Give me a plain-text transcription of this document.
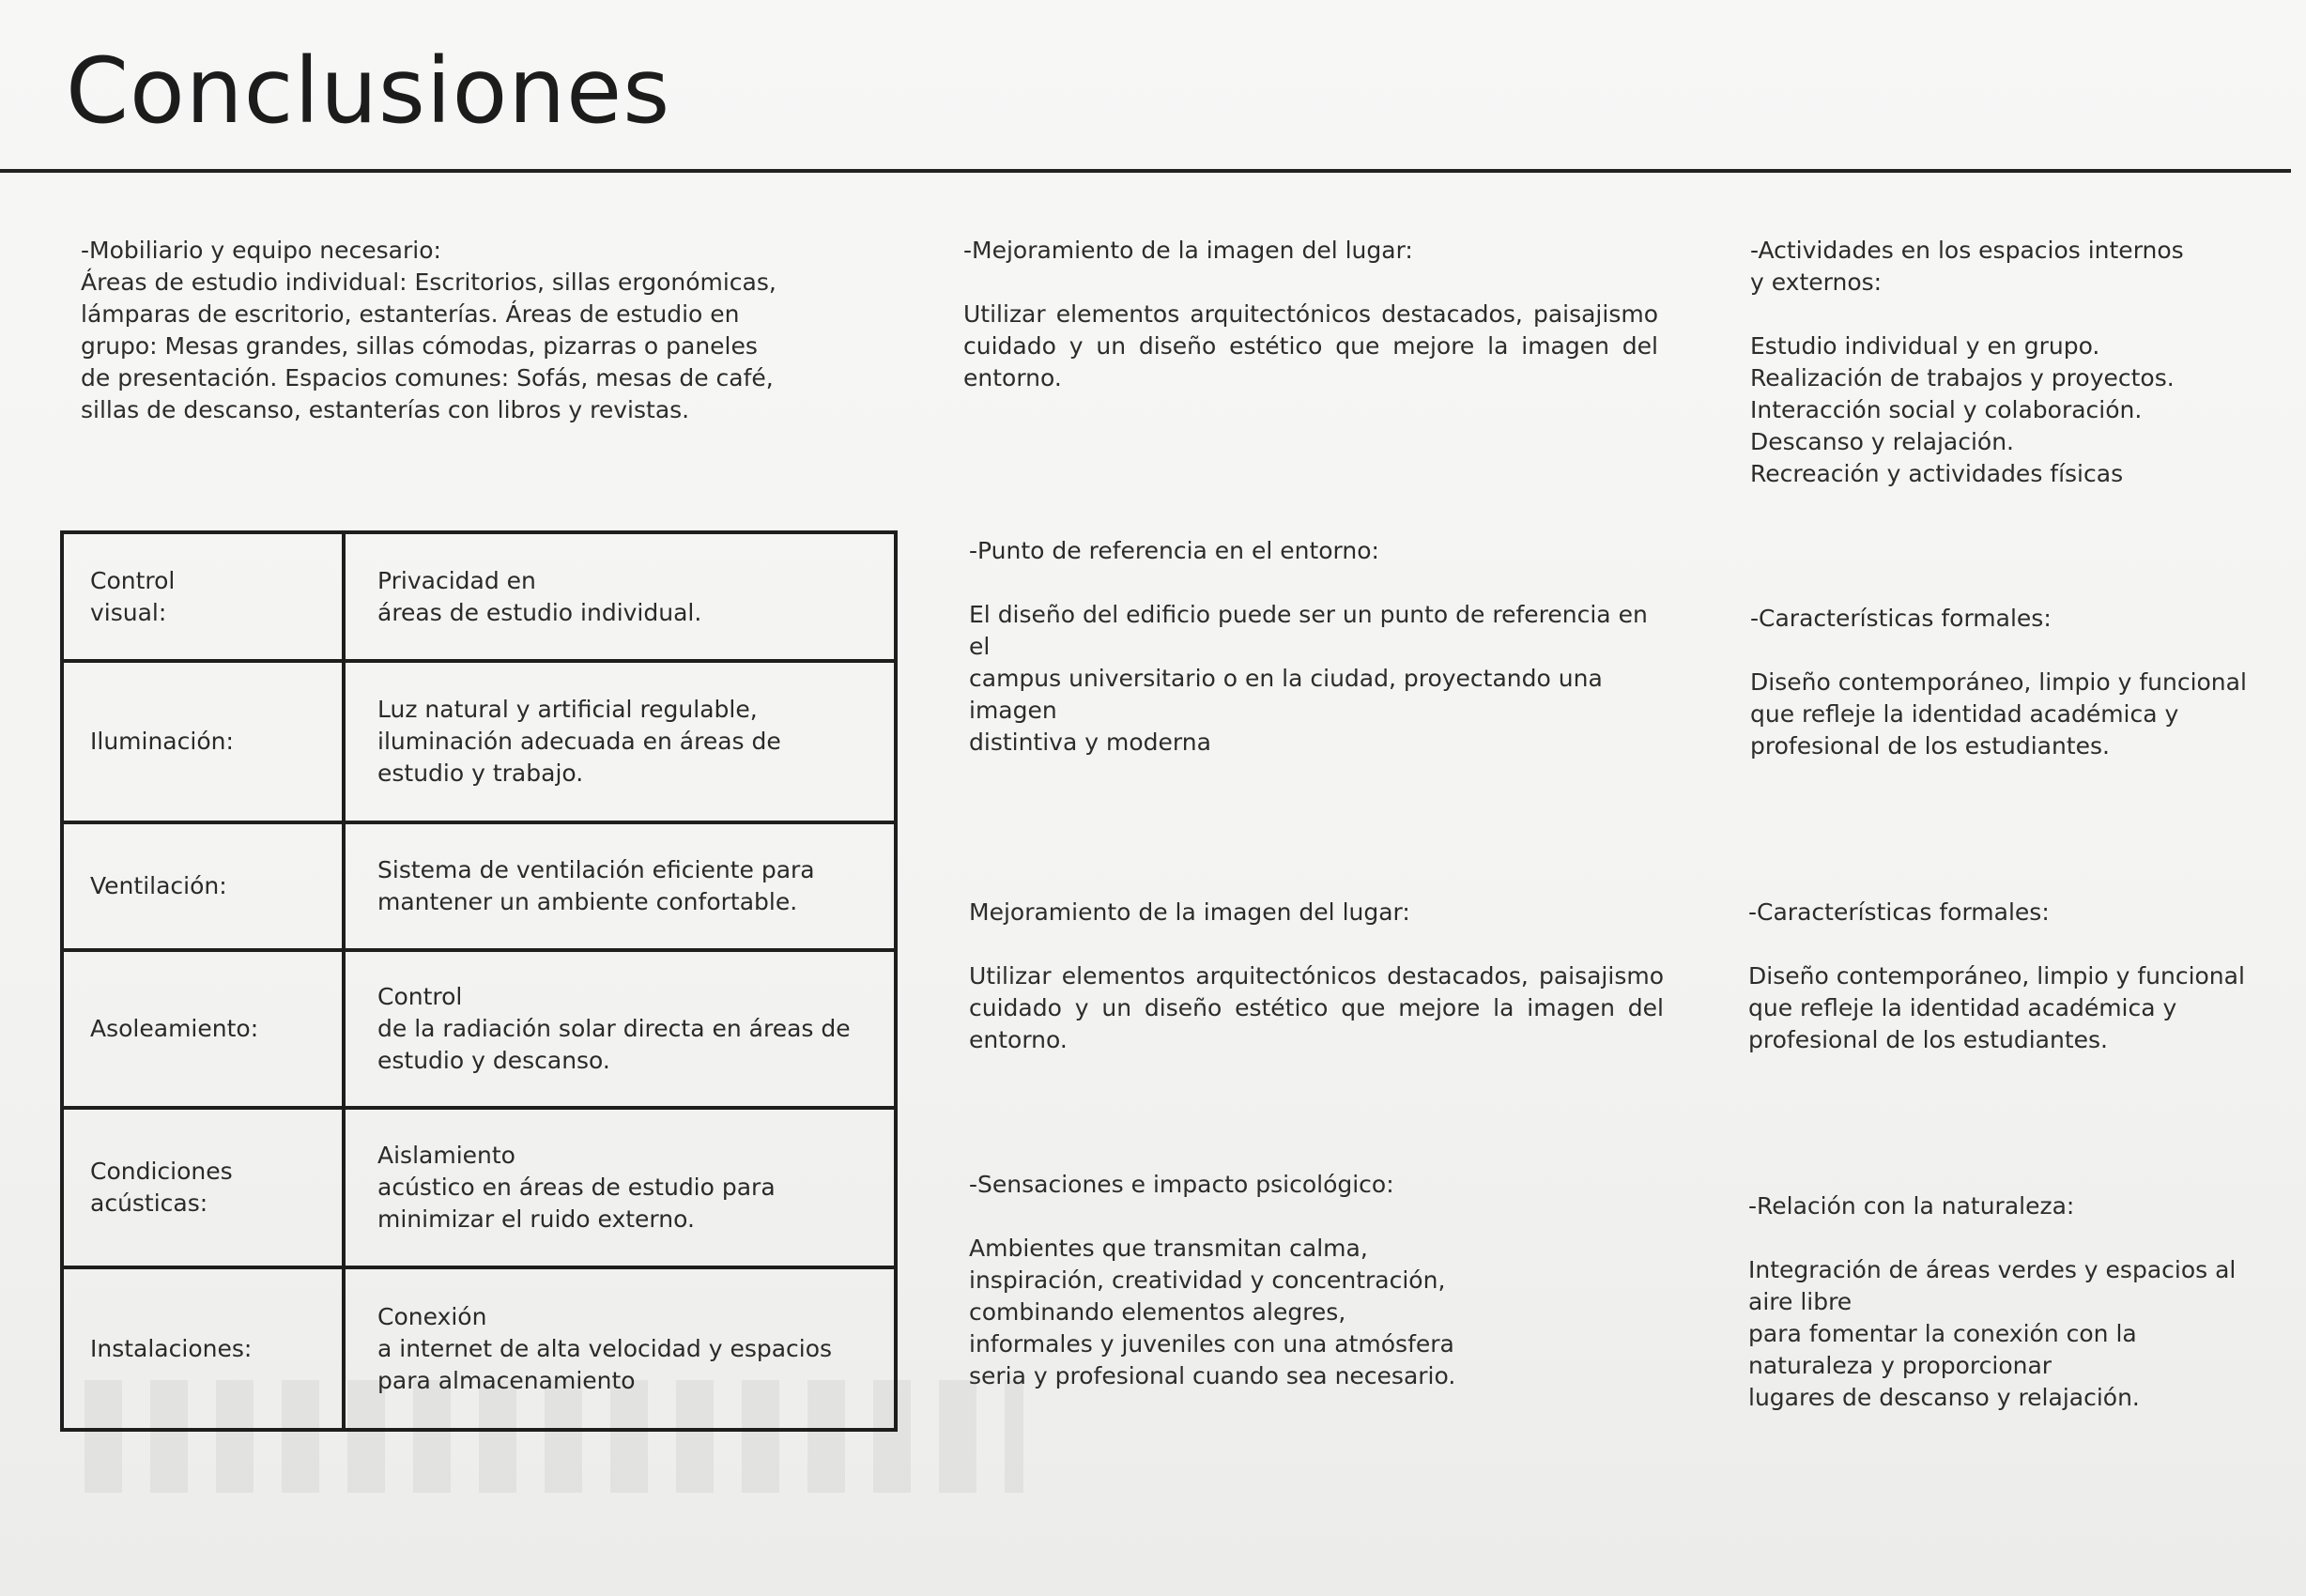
Conclusiones
-Mobiliario y equipo necesario:
Áreas de estudio individual: Escritorios, sillas ergonómicas,
lámparas de escritorio, estanterías. Áreas de estudio en
grupo: Mesas grandes, sillas cómodas, pizarras o paneles
de presentación. Espacios comunes: Sofás, mesas de café,
sillas de descanso, estanterías con libros y revistas.
Control
visual:
Privacidad en
áreas de estudio individual.
Iluminación:
Luz natural y artificial regulable,
iluminación adecuada en áreas de
estudio y trabajo.
Ventilación:
Sistema de ventilación eficiente para
mantener un ambiente confortable.
Asoleamiento:
Control
de la radiación solar directa en áreas de
estudio y descanso.
Condiciones
acústicas:
Aislamiento
acústico en áreas de estudio para
minimizar el ruido externo.
Instalaciones:
Conexión
a internet de alta velocidad y espacios
para almacenamiento
-Mejoramiento de la imagen del lugar:
Utilizar elementos arquitectónicos destacados, paisajismo cuidado y un diseño estético que mejore la imagen del entorno.
-Punto de referencia en el entorno:
El diseño del edificio puede ser un punto de referencia en
el
campus universitario o en la ciudad, proyectando una
imagen
distintiva y moderna
Mejoramiento de la imagen del lugar:
Utilizar elementos arquitectónicos destacados, paisajismo cuidado y un diseño estético que mejore la imagen del entorno.
-Sensaciones e impacto psicológico:
Ambientes que transmitan calma,
inspiración, creatividad y concentración,
combinando elementos alegres,
informales y juveniles con una atmósfera
seria y profesional cuando sea necesario.
-Actividades en los espacios internos
y externos:
Estudio individual y en grupo.
Realización de trabajos y proyectos.
Interacción social y colaboración.
Descanso y relajación.
Recreación y actividades físicas
-Características formales:
Diseño contemporáneo, limpio y funcional
que refleje la identidad académica y
profesional de los estudiantes.
-Características formales:
Diseño contemporáneo, limpio y funcional
que refleje la identidad académica y
profesional de los estudiantes.
-Relación con la naturaleza:
Integración de áreas verdes y espacios al
aire libre
para fomentar la conexión con la
naturaleza y proporcionar
lugares de descanso y relajación.
